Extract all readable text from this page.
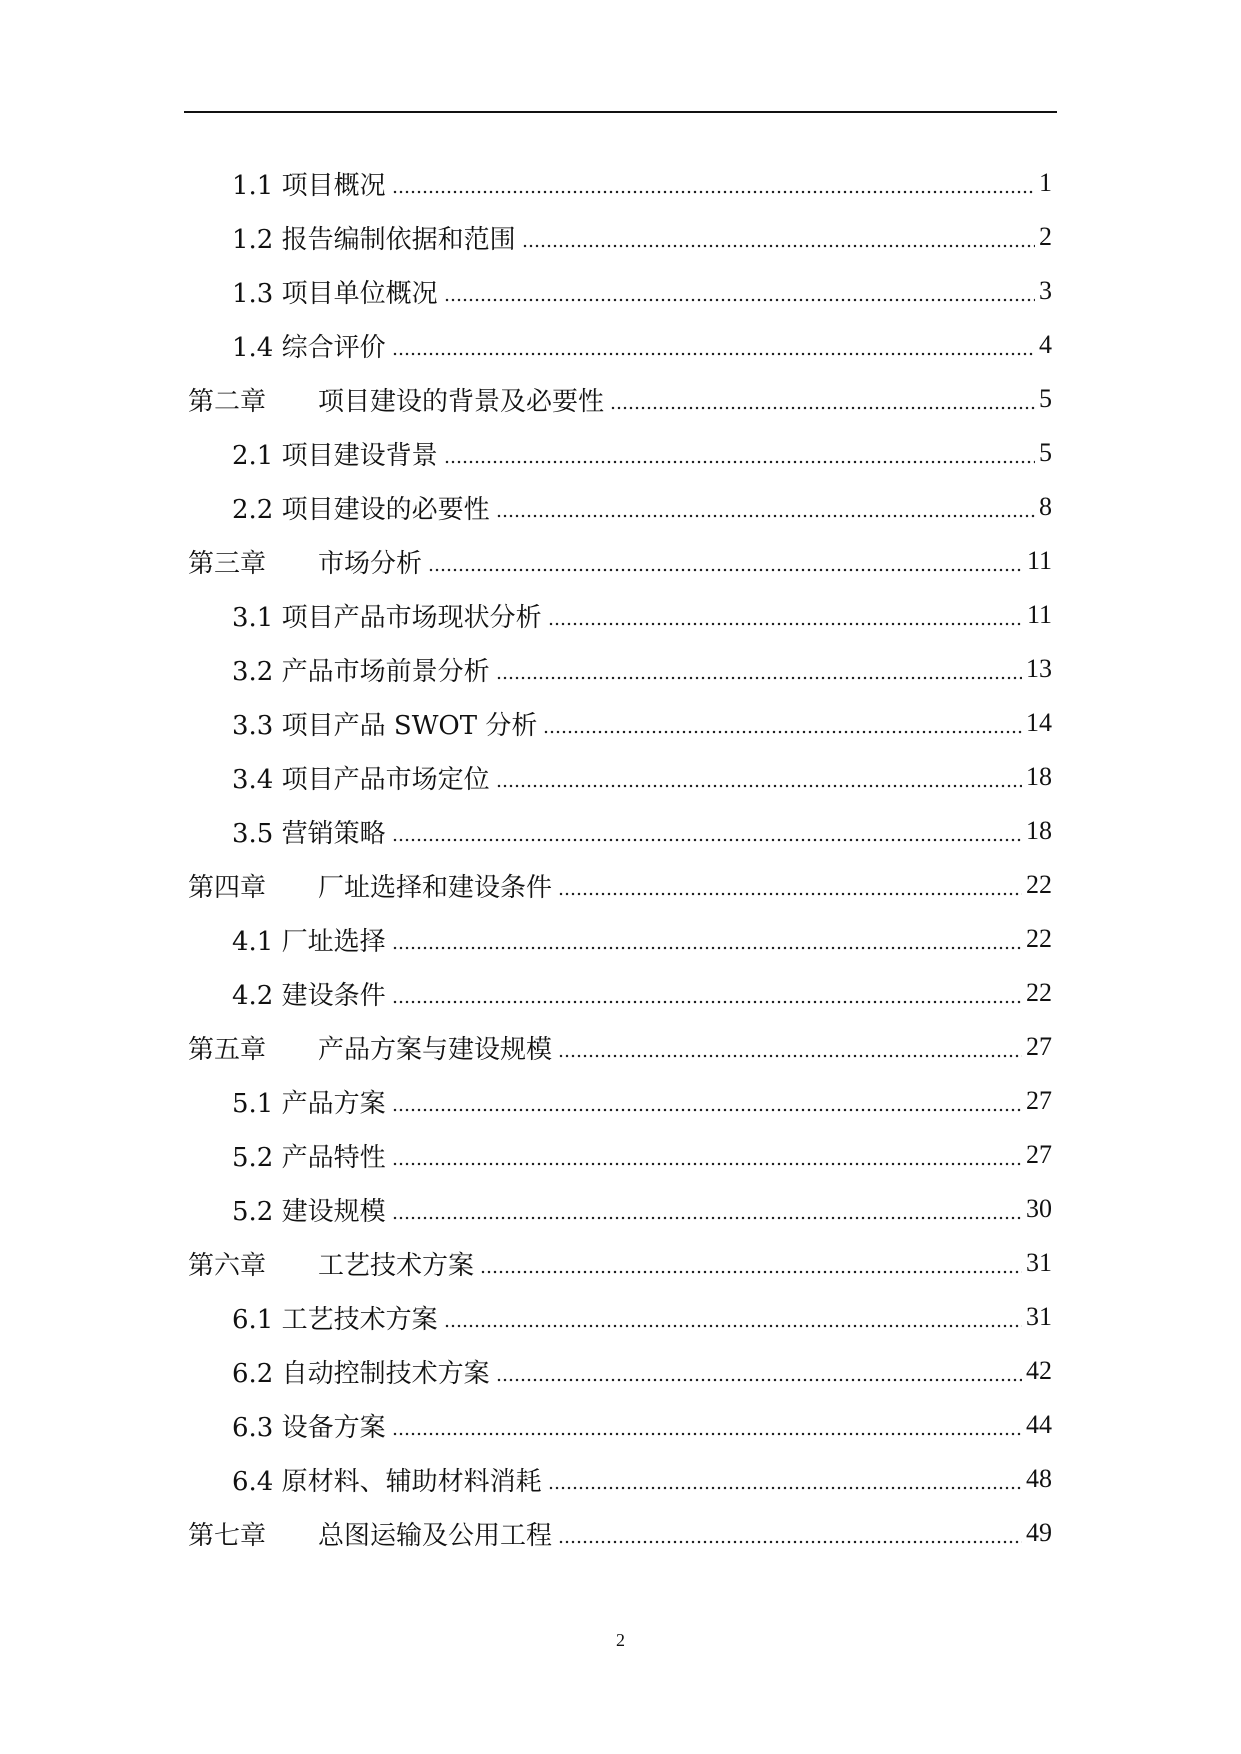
1.1 项目概况	1
1.2 报告编制依据和范围	2
1.3 项目单位概况	3
1.4 综合评价	4
第二章 项目建设的背景及必要性	5
2.1 项目建设背景	5
2.2 项目建设的必要性	8
第三章 市场分析	11
3.1 项目产品市场现状分析	11
3.2 产品市场前景分析	13
3.3 项目产品 SWOT 分析	14
3.4 项目产品市场定位	18
3.5 营销策略	18
第四章 厂址选择和建设条件	22
4.1 厂址选择	22
4.2 建设条件	22
第五章 产品方案与建设规模	27
5.1 产品方案	27
5.2 产品特性	27
5.2 建设规模	30
第六章 工艺技术方案	31
6.1 工艺技术方案	31
6.2 自动控制技术方案	42
6.3 设备方案	44
6.4 原材料、辅助材料消耗	48
第七章 总图运输及公用工程	49
2
